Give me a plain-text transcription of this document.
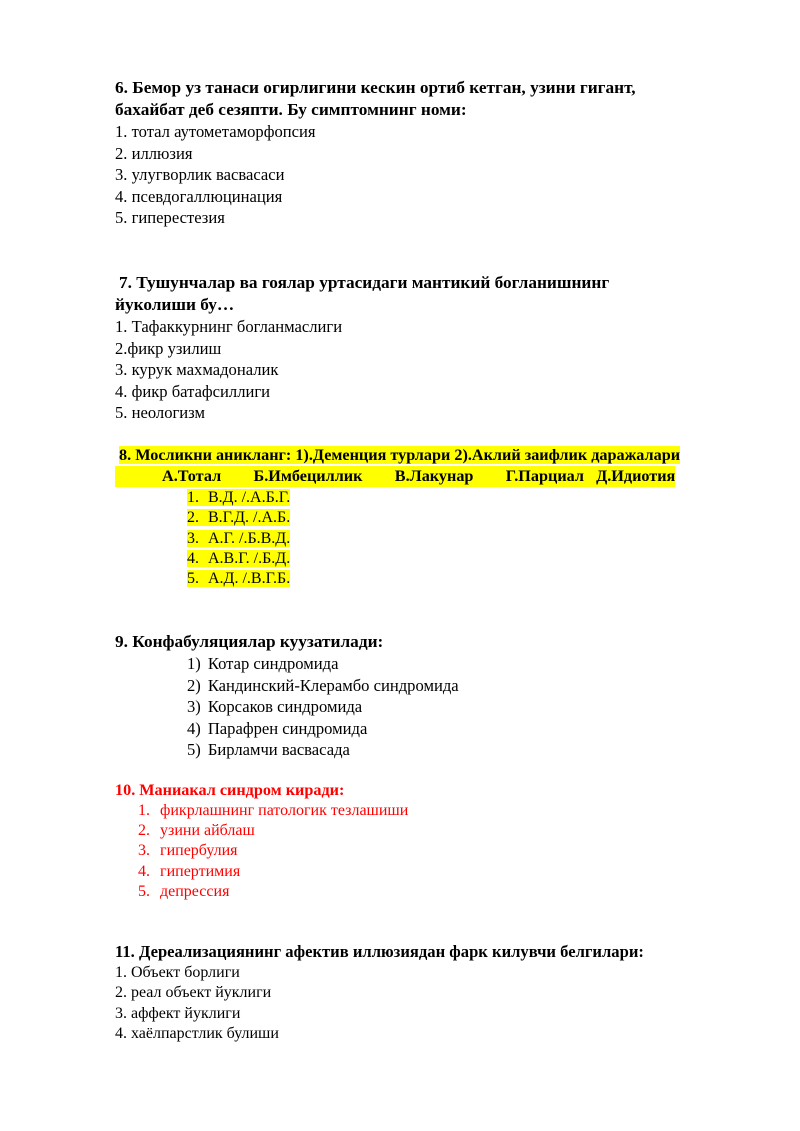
6. Бемор уз танаси огирлигини кескин ортиб кетган, узини гигант,
бахайбат деб сезяпти. Бу симптомнинг номи:
1. тотал аутометаморфопсия
2. иллюзия
3. улугворлик васвасаси
4. псевдогаллюцинация
5. гиперестезия
7. Тушунчалар ва гоялар уртасидаги мантикий богланишнинг
йуколиши бу…
1. Тафаккурнинг богланмаслиги
2.фикр узилиш
3. курук махмадоналик
4. фикр батафсиллиги
5. неологизм
8. Мосликни аникланг: 1).Деменция турлари 2).Аклий заифлик даражалари
А.Тотал        Б.Имбециллик        В.Лакунар        Г.Парциал   Д.Идиотия
1. В.Д. /.А.Б.Г.
2. В.Г.Д. /.А.Б.
3. А.Г. /.Б.В.Д.
4. А.В.Г. /.Б.Д.
5. А.Д. /.В.Г.Б.
9. Конфабуляциялар куузатилади:
1) Котар синдромида
2) Кандинский-Клерамбо синдромида
3) Корсаков синдромида
4) Парафрен синдромида
5) Бирламчи васвасада
10. Маниакал синдром киради:
1. фикрлашнинг патологик тезлашиши
2. узини айблаш
3. гипербулия
4. гипертимия
5. депрессия
11. Дереализациянинг афектив иллюзиядан фарк килувчи белгилари:
1. Объект борлиги
2. реал объект йуклиги
3. аффект йуклиги
4. хаёлпарстлик булиши
